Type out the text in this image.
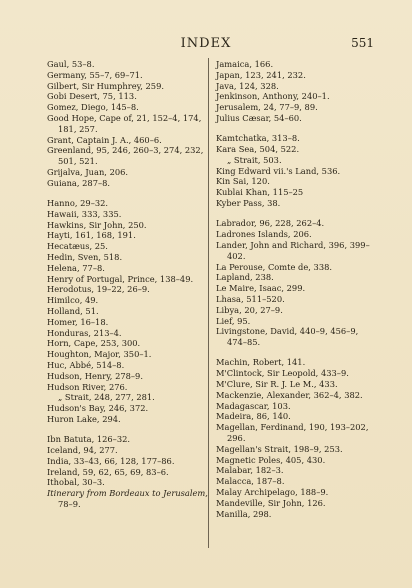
INDEX	551
Gaul, 53–8.
Germany, 55–7, 69–71.
Gilbert, Sir Humphrey, 259.
Gobi Desert, 75, 113.
Gomez, Diego, 145–8.
Good Hope, Cape of, 21, 152–4, 174,
181, 257.
Grant, Captain J. A., 460–6.
Greenland, 95, 246, 260–3, 274, 232,
501, 521.
Grijalva, Juan, 206.
Guiana, 287–8.
Hanno, 29–32.
Hawaii, 333, 335.
Hawkins, Sir John, 250.
Hayti, 161, 168, 191.
Hecatæus, 25.
Hedin, Sven, 518.
Helena, 77–8.
Henry of Portugal, Prince, 138–49.
Herodotus, 19–22, 26–9.
Himilco, 49.
Holland, 51.
Homer, 16–18.
Honduras, 213–4.
Horn, Cape, 253, 300.
Houghton, Major, 350–1.
Huc, Abbé, 514–8.
Hudson, Henry, 278–9.
Hudson River, 276.
„ Strait, 248, 277, 281.
Hudson's Bay, 246, 372.
Huron Lake, 294.
Ibn Batuta, 126–32.
Iceland, 94, 277.
India, 33–43, 66, 128, 177–86.
Ireland, 59, 62, 65, 69, 83–6.
Ithobal, 30–3.
Itinerary from Bordeaux to Jerusalem,
78–9.
Jamaica, 166.
Japan, 123, 241, 232.
Java, 124, 328.
Jenkinson, Anthony, 240–1.
Jerusalem, 24, 77–9, 89.
Julius Cæsar, 54–60.
Kamtchatka, 313–8.
Kara Sea, 504, 522.
„ Strait, 503.
King Edward vii.'s Land, 536.
Kin Sai, 120.
Kublai Khan, 115–25
Kyber Pass, 38.
Labrador, 96, 228, 262–4.
Ladrones Islands, 206.
Lander, John and Richard, 396, 399–
402.
La Perouse, Comte de, 338.
Lapland, 238.
Le Maire, Isaac, 299.
Lhasa, 511–520.
Libya, 20, 27–9.
Lief, 95.
Livingstone, David, 440–9, 456–9,
474–85.
Machin, Robert, 141.
M'Clintock, Sir Leopold, 433–9.
M'Clure, Sir R. J. Le M., 433.
Mackenzie, Alexander, 362–4, 382.
Madagascar, 103.
Madeira, 86, 140.
Magellan, Ferdinand, 190, 193–202,
296.
Magellan's Strait, 198–9, 253.
Magnetic Poles, 405, 430.
Malabar, 182–3.
Malacca, 187–8.
Malay Archipelago, 188–9.
Mandeville, Sir John, 126.
Manilla, 298.
